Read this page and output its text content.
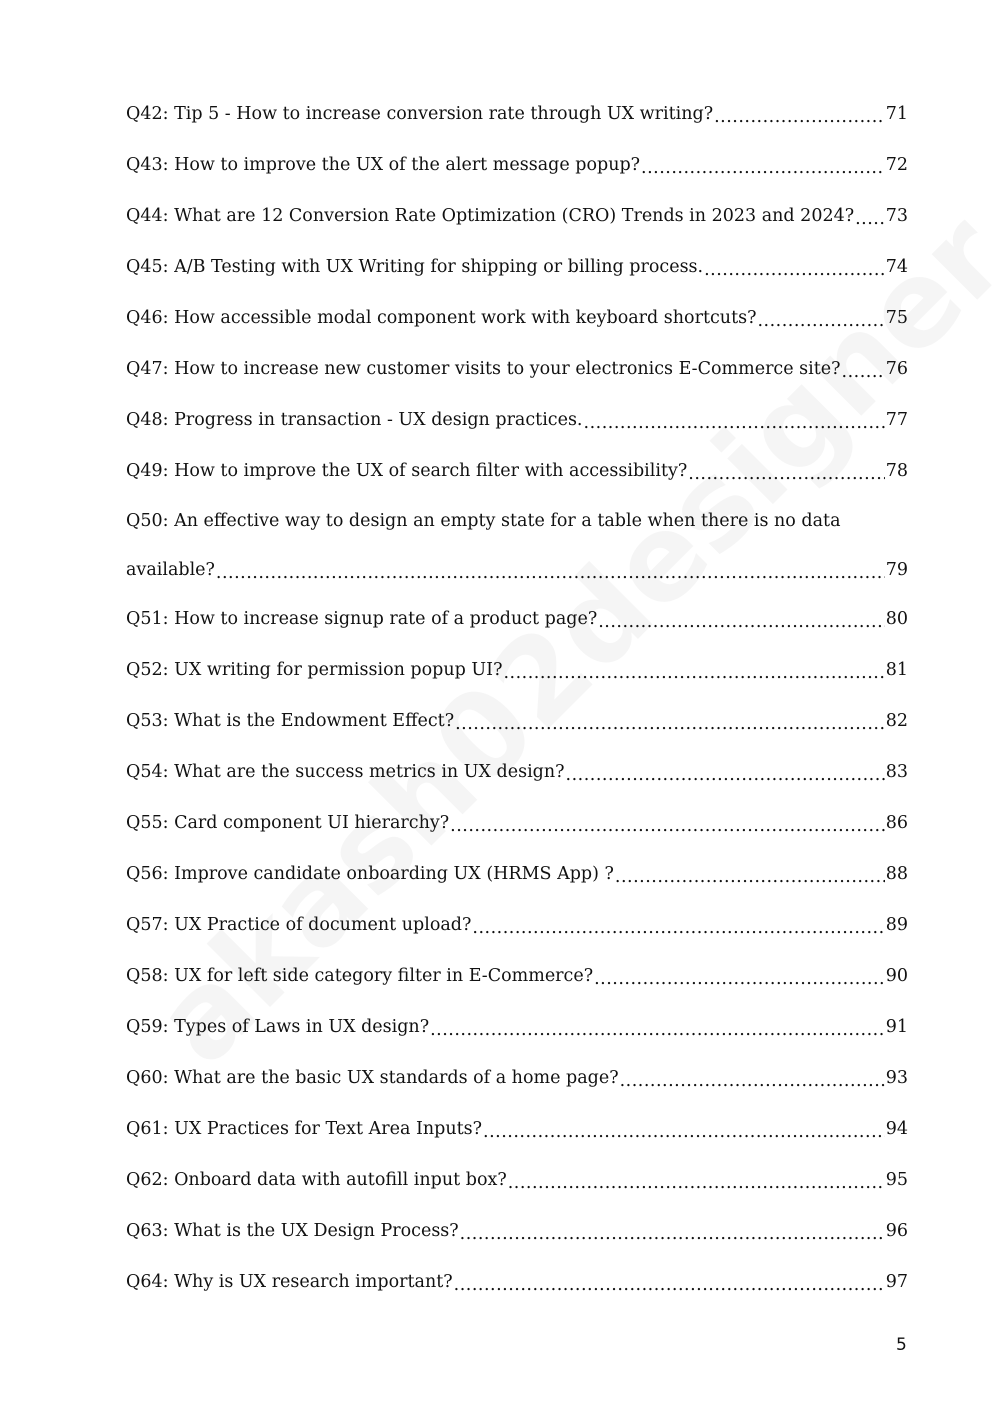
Q42: Tip 5 - How to increase conversion rate through UX writing? .....	71
Q43: How to improve the UX of the alert message popup? .....	72
Q44: What are 12 Conversion Rate Optimization (CRO) Trends in 2023 and 2024? ..... 73
Q45: A/B Testing with UX Writing for shipping or billing process. .....	74
Q46: How accessible modal component work with keyboard shortcuts? .....	75
Q47: How to increase new customer visits to your electronics E-Commerce site? .....	76
Q48: Progress in transaction - UX design practices. .....	77
Q49: How to improve the UX of search filter with accessibility? .....	78
Q50: An effective way to design an empty state for a table when there is no data
available? .....	79
Q51: How to increase signup rate of a product page? .....	80
Q52: UX writing for permission popup UI? .....	81
Q53: What is the Endowment Effect? .....	82
Q54: What are the success metrics in UX design? .....	83
Q55: Card component UI hierarchy? .....	86
Q56: Improve candidate onboarding UX (HRMS App) ? .....	88
Q57: UX Practice of document upload? .....	89
Q58: UX for left side category filter in E-Commerce? .....	90
Q59: Types of Laws in UX design? .....	91
Q60: What are the basic UX standards of a home page? .....	93
Q61: UX Practices for Text Area Inputs? .....	94
Q62: Onboard data with autofill input box? .....	95
Q63: What is the UX Design Process? .....	96
Q64: Why is UX research important? .....	97
5
